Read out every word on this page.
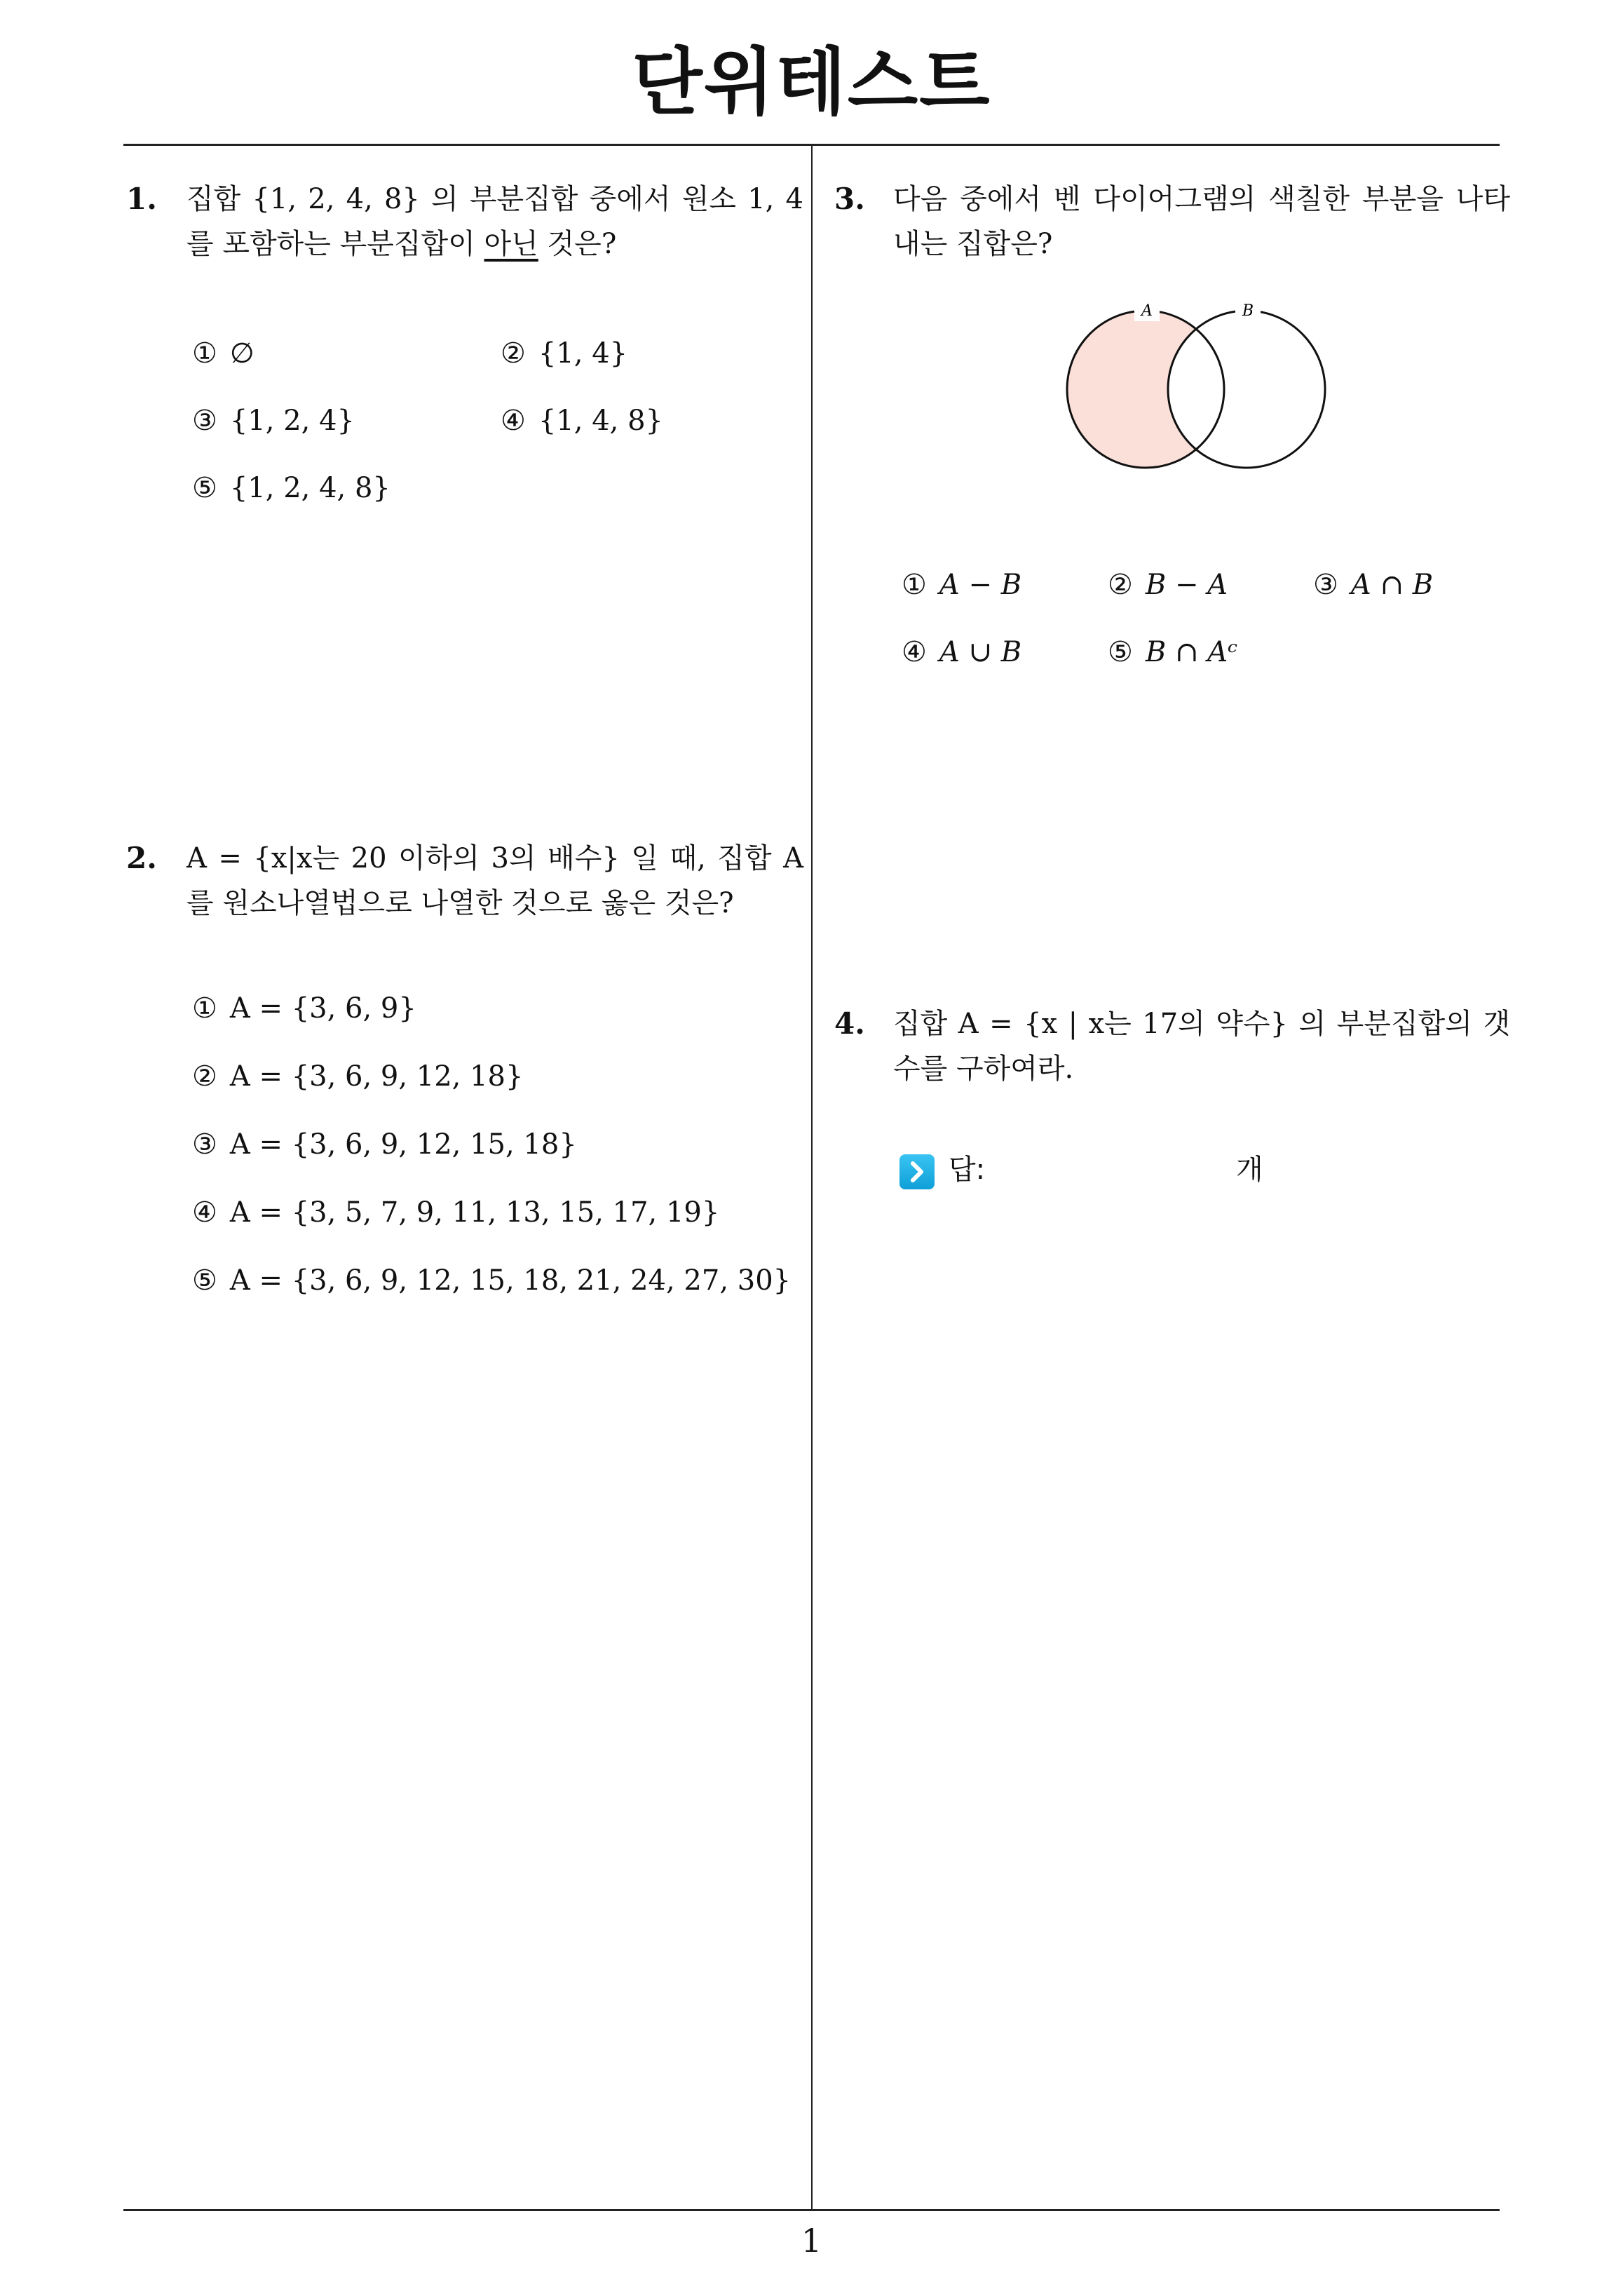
단위테스트
1. 집합 {1, 2, 4, 8} 의 부분집합 중에서 원소 1, 4 를 포함하는 부분집합이 아닌 것은?
① ∅	② {1, 4}
③ {1, 2, 4}	④ {1, 4, 8}
⑤ {1, 2, 4, 8}
2. A = {x|x는 20 이하의 3의 배수} 일 때, 집합 A 를 원소나열법으로 나열한 것으로 옳은 것은?
① A = {3, 6, 9}
② A = {3, 6, 9, 12, 18}
③ A = {3, 6, 9, 12, 15, 18}
④ A = {3, 5, 7, 9, 11, 13, 15, 17, 19}
⑤ A = {3, 6, 9, 12, 15, 18, 21, 24, 27, 30}
3. 다음 중에서 벤 다이어그램의 색칠한 부분을 나타내는 집합은?
A	B
① A − B	② B − A	③ A ∩ B
④ A ∪ B	⑤ B ∩ Aᶜ
4. 집합 A = {x | x는 17의 약수} 의 부분집합의 갯수를 구하여라.
답:	개
1
